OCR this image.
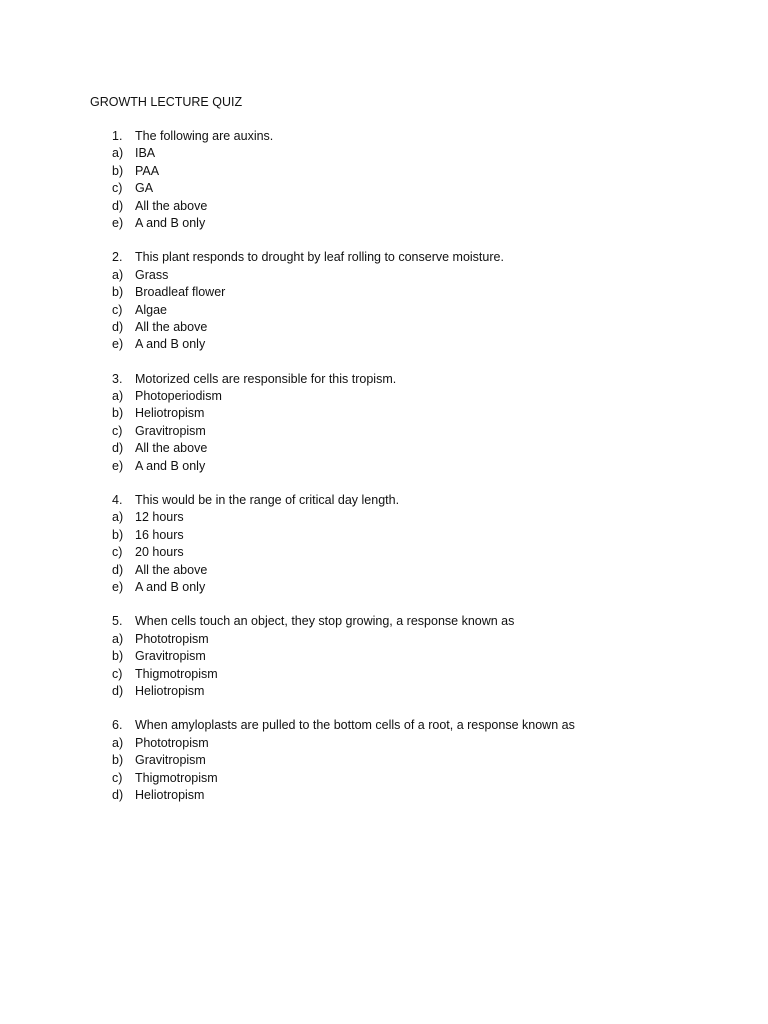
GROWTH LECTURE QUIZ
1.	The following are auxins.
a) IBA
b) PAA
c)	GA
d) All the above
e) A and B only
2.	This plant responds to drought by leaf rolling to conserve moisture.
a) Grass
b) Broadleaf flower
c)	Algae
d) All the above
e) A and B only
3.	Motorized cells are responsible for this tropism.
a) Photoperiodism
b) Heliotropism
c)	Gravitropism
d) All the above
e) A and B only
4.	This would be in the range of critical day length.
a) 12 hours
b) 16 hours
c)	20 hours
d) All the above
e) A and B only
5.	When cells touch an object, they stop growing, a response known as
a) Phototropism
b) Gravitropism
c)	Thigmotropism
d) Heliotropism
6.	When amyloplasts are pulled to the bottom cells of a root, a response known as
a) Phototropism
b) Gravitropism
c)	Thigmotropism
d) Heliotropism
